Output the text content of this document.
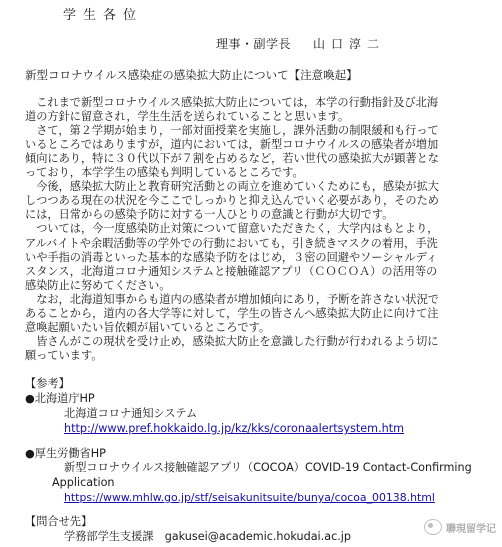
学生各位
理事・副学長 山口淳二
新型コロナウイルス感染症の感染拡大防止について【注意喚起】
　これまで新型コロナウイルス感染拡大防止については，本学の行動指針及び北海
道の方針に留意され，学生生活を送られていることと思います。
　さて，第２学期が始まり，一部対面授業を実施し，課外活動の制限緩和も行って
いるところではありますが，道内においては，新型コロナウイルスの感染者が増加
傾向にあり，特に３０代以下が７割を占めるなど，若い世代の感染拡大が顕著とな
っており，本学学生の感染も判明しているところです。
　今後，感染拡大防止と教育研究活動との両立を進めていくためにも，感染が拡大
しつつある現在の状況を今ここでしっかりと抑え込んでいく必要があり，そのため
には，日常からの感染予防に対する一人ひとりの意識と行動が大切です。
　ついては，今一度感染防止対策について留意いただきたく，大学内はもとより，
アルバイトや余暇活動等の学外での行動においても，引き続きマスクの着用，手洗
いや手指の消毒といった基本的な感染予防をはじめ，３密の回避やソーシャルディ
スタンス，北海道コロナ通知システムと接触確認アプリ（ＣＯＣＯＡ）の活用等の
感染防止に努めてください。
　なお，北海道知事からも道内の感染者が増加傾向にあり，予断を許さない状況で
あることから，道内の各大学等に対して，学生の皆さんへ感染拡大防止に向けて注
意喚起願いたい旨依頼が届いているところです。
　皆さんがこの現状を受け止め，感染拡大防止を意識した行動が行われるよう切に
願っています。
【参考】
●北海道庁HP
北海道コロナ通知システム
http://www.pref.hokkaido.lg.jp/kz/kks/coronaalertsystem.htm
●厚生労働省HP
新型コロナウイルス接触確認アプリ（COCOA）COVID-19 Contact-Confirming
Application
https://www.mhlw.go.jp/stf/seisakunitsuite/bunya/cocoa_00138.html
【問合せ先】
学務部学生支援課　gakusei@academic.hokudai.ac.jp
聯現留学记
